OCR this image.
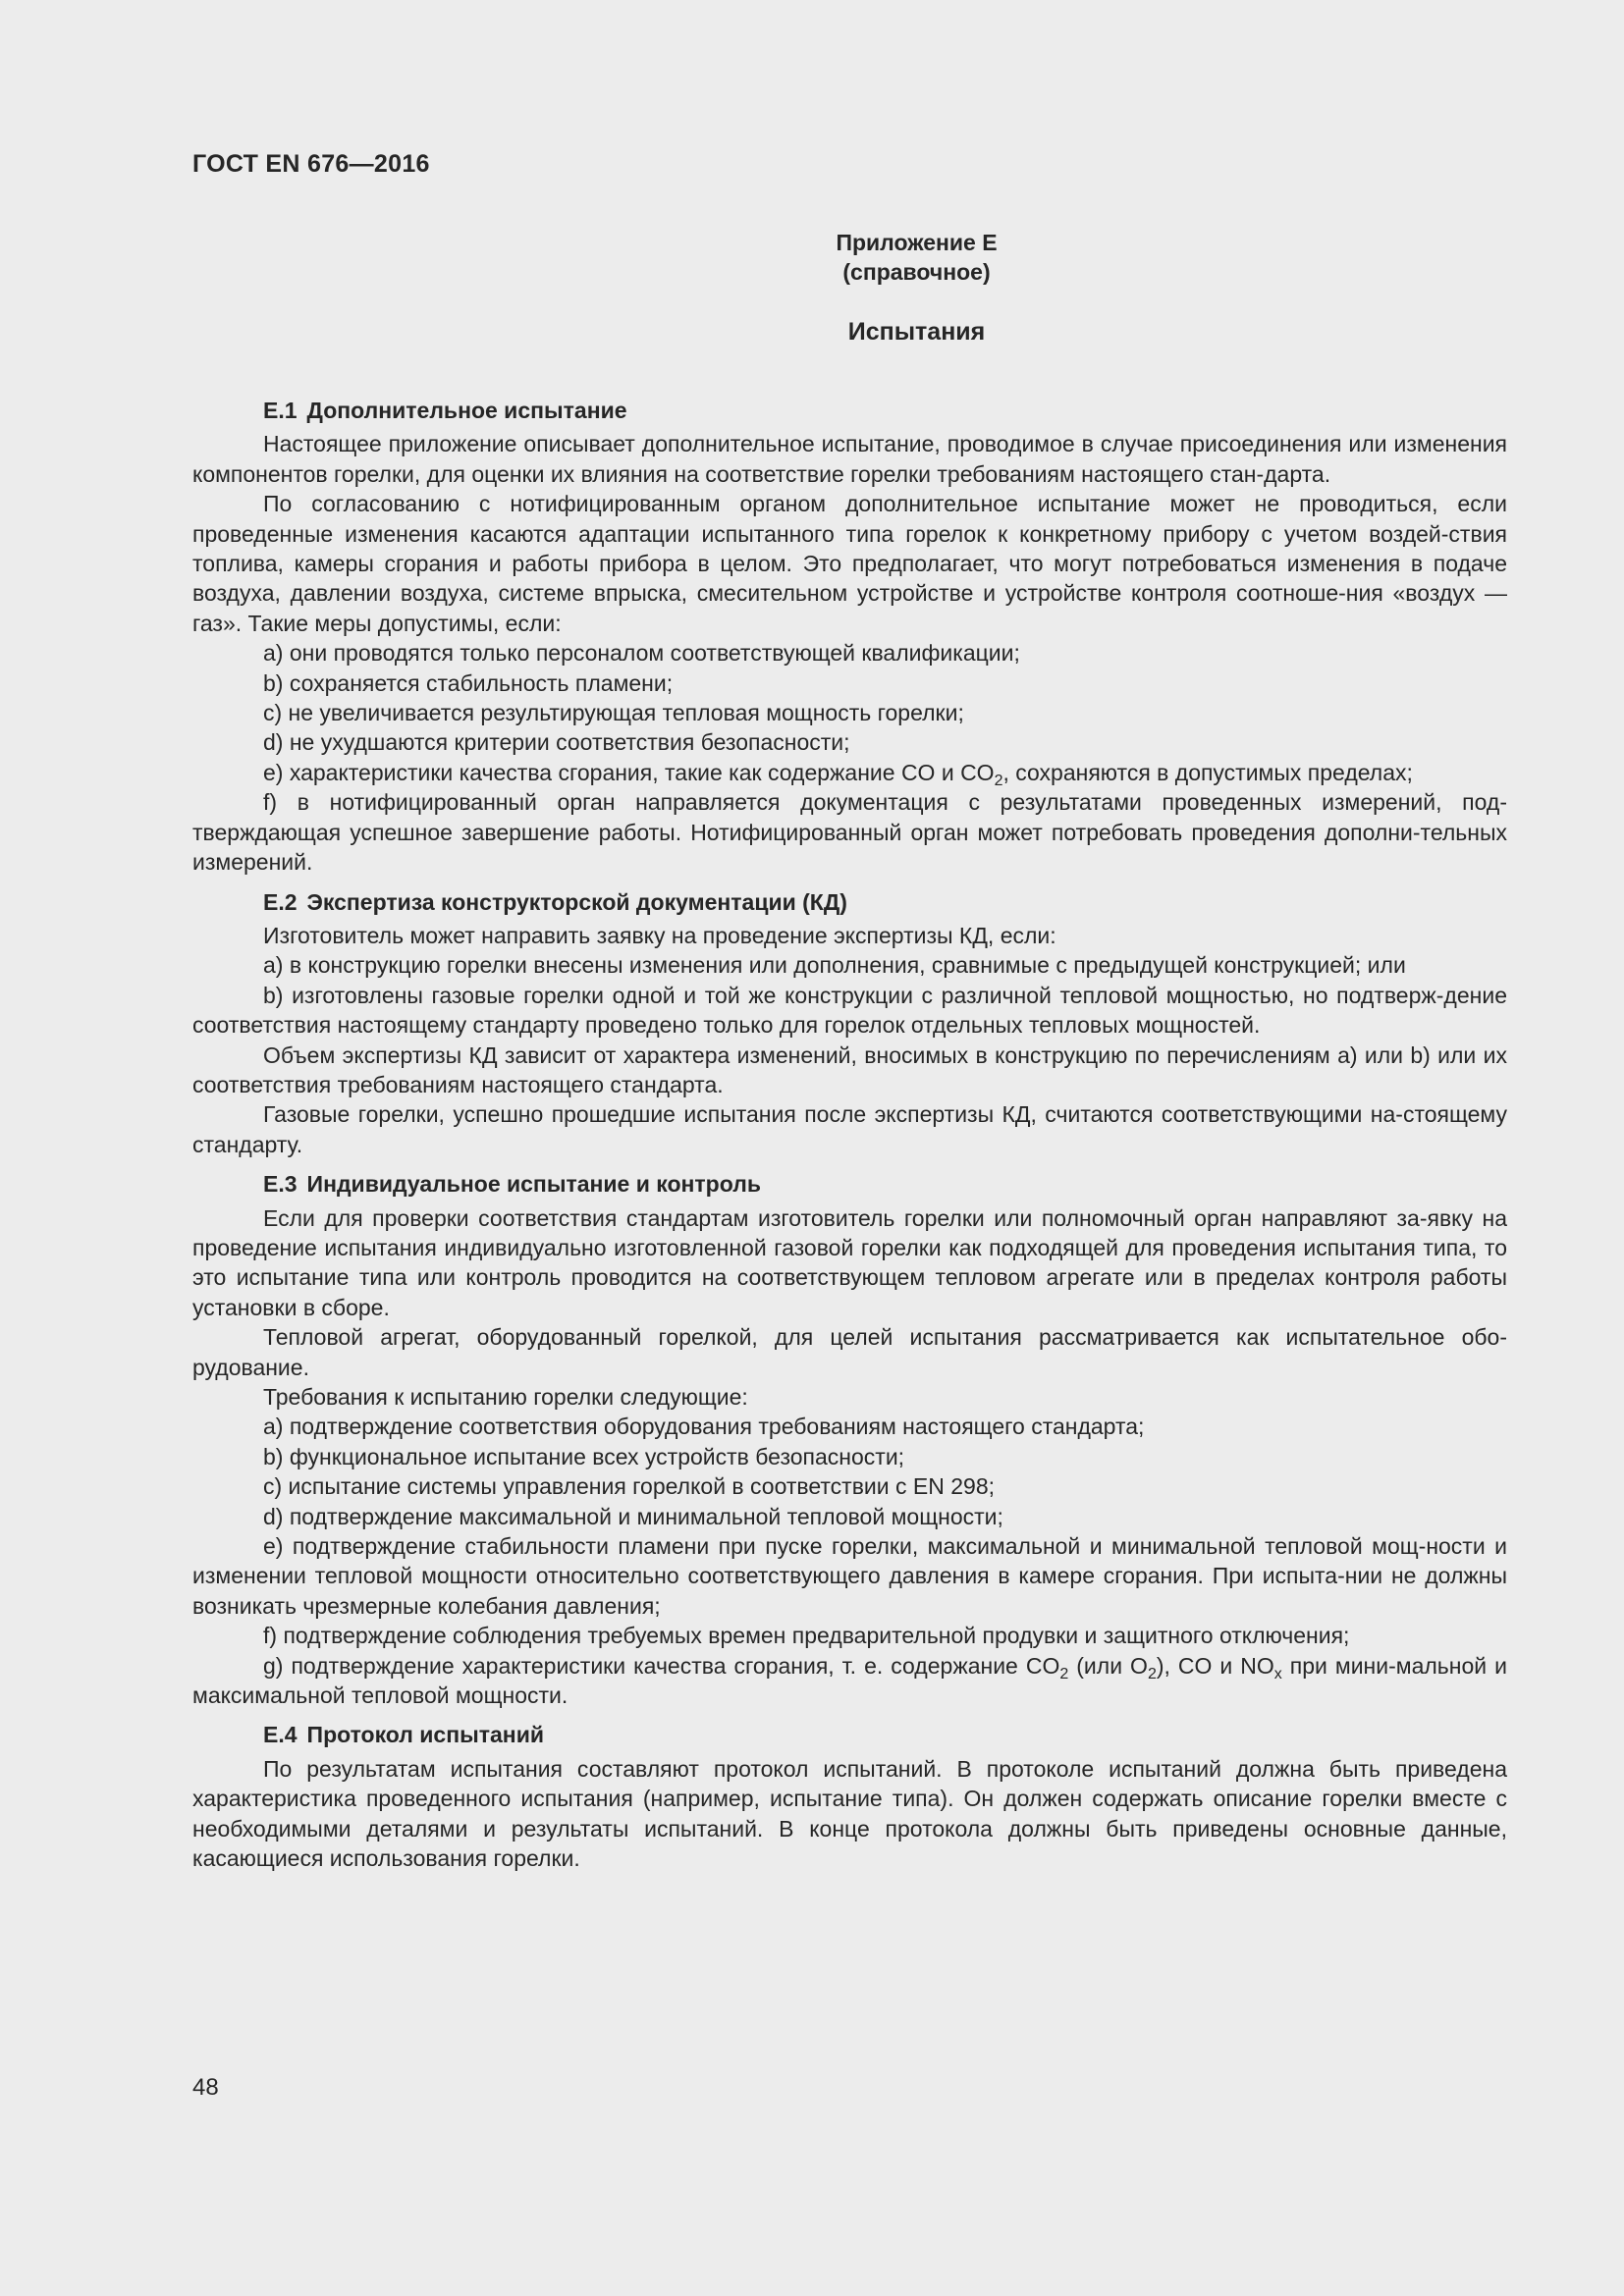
ГОСТ EN 676—2016
Приложение Е
(справочное)
Испытания
Е.1 Дополнительное испытание

Настоящее приложение описывает дополнительное испытание, проводимое в случае присоединения или изменения компонентов горелки, для оценки их влияния на соответствие горелки требованиям настоящего стан-дарта.

По согласованию с нотифицированным органом дополнительное испытание может не проводиться, если проведенные изменения касаются адаптации испытанного типа горелок к конкретному прибору с учетом воздей-ствия топлива, камеры сгорания и работы прибора в целом. Это предполагает, что могут потребоваться изменения в подаче воздуха, давлении воздуха, системе впрыска, смесительном устройстве и устройстве контроля соотноше-ния «воздух — газ». Такие меры допустимы, если:

a) они проводятся только персоналом соответствующей квалификации;

b) сохраняется стабильность пламени;

c) не увеличивается результирующая тепловая мощность горелки;

d) не ухудшаются критерии соответствия безопасности;

e) характеристики качества сгорания, такие как содержание CO и $CO_2$, сохраняются в допустимых пределах;

f) в нотифицированный орган направляется документация с результатами проведенных измерений, под-тверждающая успешное завершение работы. Нотифицированный орган может потребовать проведения дополни-тельных измерений.

Е.2 Экспертиза конструкторской документации (КД)

Изготовитель может направить заявку на проведение экспертизы КД, если:

a) в конструкцию горелки внесены изменения или дополнения, сравнимые с предыдущей конструкцией; или

b) изготовлены газовые горелки одной и той же конструкции с различной тепловой мощностью, но подтверж-дение соответствия настоящему стандарту проведено только для горелок отдельных тепловых мощностей.

Объем экспертизы КД зависит от характера изменений, вносимых в конструкцию по перечислениям a) или b) или их соответствия требованиям настоящего стандарта.

Газовые горелки, успешно прошедшие испытания после экспертизы КД, считаются соответствующими на-стоящему стандарту.

Е.3 Индивидуальное испытание и контроль

Если для проверки соответствия стандартам изготовитель горелки или полномочный орган направляют за-явку на проведение испытания индивидуально изготовленной газовой горелки как подходящей для проведения испытания типа, то это испытание типа или контроль проводится на соответствующем тепловом агрегате или в пределах контроля работы установки в сборе.

Тепловой агрегат, оборудованный горелкой, для целей испытания рассматривается как испытательное обо-рудование.

Требования к испытанию горелки следующие:

a) подтверждение соответствия оборудования требованиям настоящего стандарта;

b) функциональное испытание всех устройств безопасности;

c) испытание системы управления горелкой в соответствии с EN 298;

d) подтверждение максимальной и минимальной тепловой мощности;

e) подтверждение стабильности пламени при пуске горелки, максимальной и минимальной тепловой мощ-ности и изменении тепловой мощности относительно соответствующего давления в камере сгорания. При испыта-нии не должны возникать чрезмерные колебания давления;

f) подтверждение соблюдения требуемых времен предварительной продувки и защитного отключения;

g) подтверждение характеристики качества сгорания, т. е. содержание $CO_2$ (или $O_2$), CO и $NO_x$ при мини-мальной и максимальной тепловой мощности.

Е.4 Протокол испытаний

По результатам испытания составляют протокол испытаний. В протоколе испытаний должна быть приведена характеристика проведенного испытания (например, испытание типа). Он должен содержать описание горелки вместе с необходимыми деталями и результаты испытаний. В конце протокола должны быть приведены основные данные, касающиеся использования горелки.

48
